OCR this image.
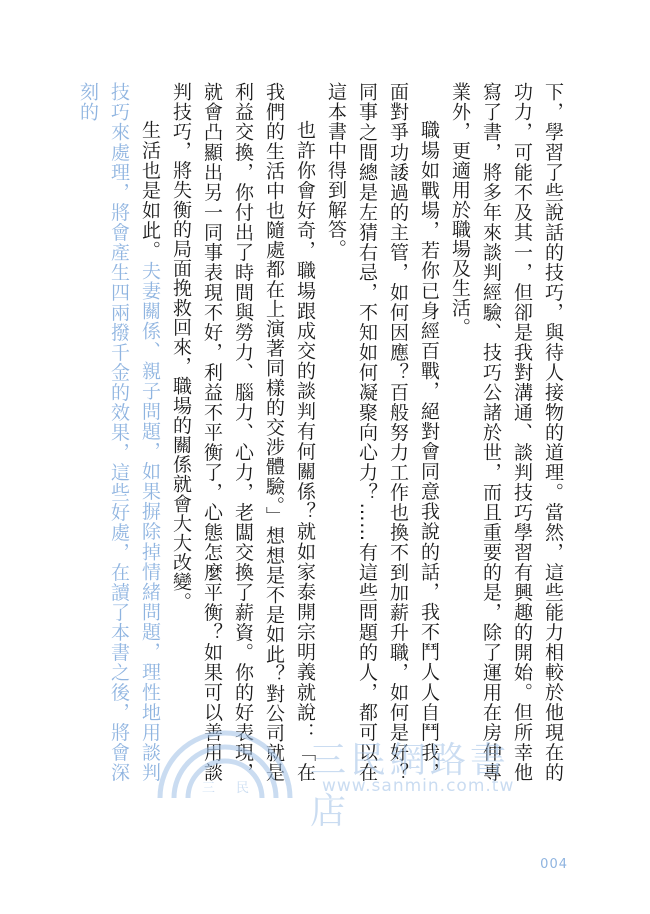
下，學習了些說話的技巧，與待人接物的道理。當然，這些能力相較於他現在的功力，可能不及其一，但卻是我對溝通、談判技巧學習有興趣的開始。但所幸他寫了書，將多年來談判經驗、技巧公諸於世，而且重要的是，除了運用在房仲專業外，更適用於職場及生活。

職場如戰場，若你已身經百戰，絕對會同意我說的話，我不鬥人人自鬥我，面對爭功諉過的主管，如何因應？百般努力工作也換不到加薪升職，如何是好？同事之間總是左猜右忌，不知如何凝聚向心力？……有這些問題的人，都可以在這本書中得到解答。

也許你會好奇，職場跟成交的談判有何關係？就如家泰開宗明義就說：「在我們的生活中也隨處都在上演著同樣的交涉體驗。」想想是不是如此？對公司就是利益交換，你付出了時間與勞力、腦力、心力，老闆交換了薪資。你的好表現，就會凸顯出另一同事表現不好，利益不平衡了，心態怎麼平衡？如果可以善用談判技巧，將失衡的局面挽救回來，職場的關係就會大大改變。

生活也是如此。夫妻關係、親子問題，如果摒除掉情緒問題，理性地用談判技巧來處理，將會產生四兩撥千金的效果，這些好處，在讀了本書之後，將會深刻的

三 民
三民網路書店
www.sanmin.com.tw
004
